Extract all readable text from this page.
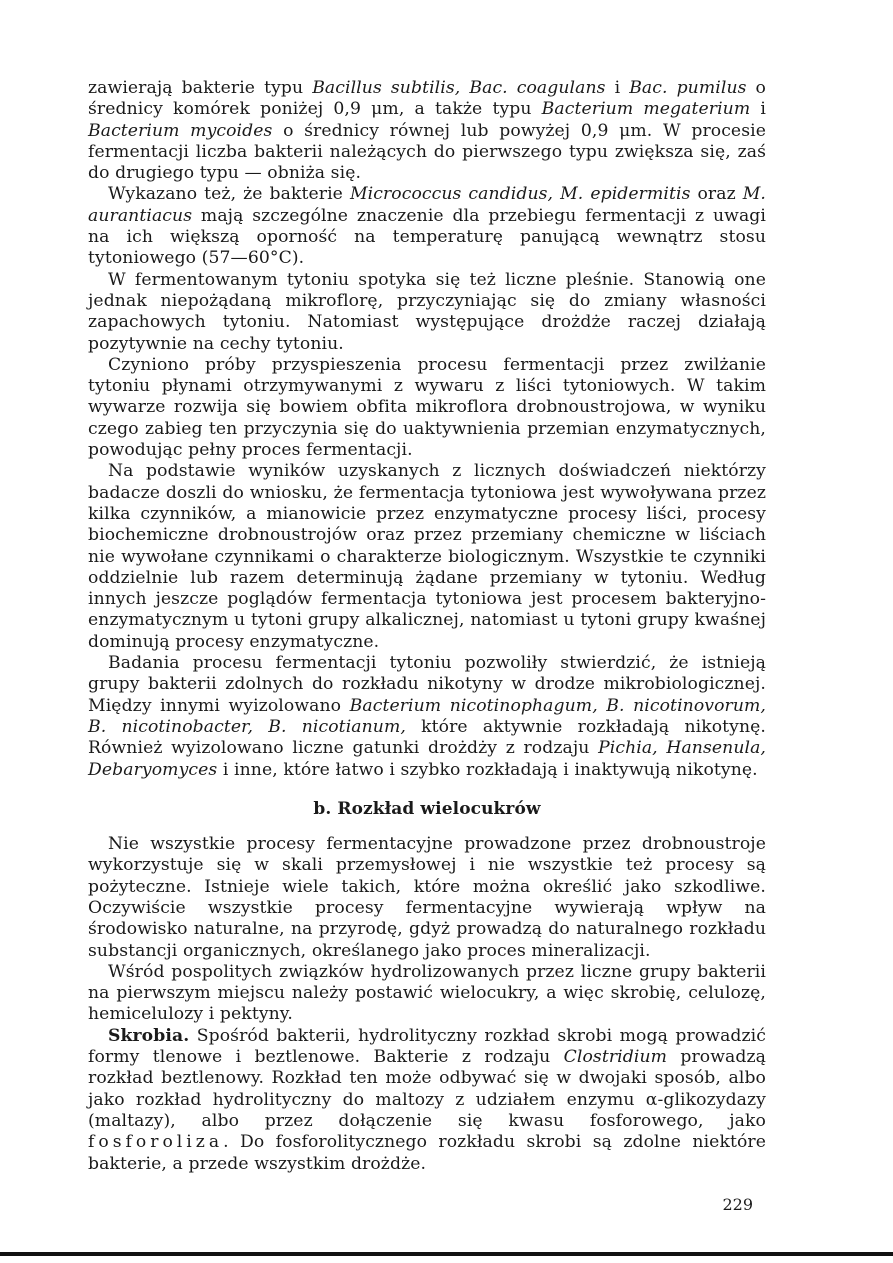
zawierają bakterie typu Bacillus subtilis, Bac. coagulans i Bac. pumilus o średnicy komórek poniżej 0,9 μm, a także typu Bacterium megaterium i Bacterium mycoides o średnicy równej lub powyżej 0,9 μm. W procesie fermentacji liczba bakterii należących do pierwszego typu zwiększa się, zaś do drugiego typu — obniża się.

Wykazano też, że bakterie Micrococcus candidus, M. epidermitis oraz M. aurantiacus mają szczególne znaczenie dla przebiegu fermentacji z uwagi na ich większą oporność na temperaturę panującą wewnątrz stosu tytoniowego (57—60°C).

W fermentowanym tytoniu spotyka się też liczne pleśnie. Stanowią one jednak niepożądaną mikroflorę, przyczyniając się do zmiany własności zapachowych tytoniu. Natomiast występujące drożdże raczej działają pozytywnie na cechy tytoniu.

Czyniono próby przyspieszenia procesu fermentacji przez zwilżanie tytoniu płynami otrzymywanymi z wywaru z liści tytoniowych. W takim wywarze rozwija się bowiem obfita mikroflora drobnoustrojowa, w wyniku czego zabieg ten przyczynia się do uaktywnienia przemian enzymatycznych, powodując pełny proces fermentacji.

Na podstawie wyników uzyskanych z licznych doświadczeń niektórzy badacze doszli do wniosku, że fermentacja tytoniowa jest wywoływana przez kilka czynników, a mianowicie przez enzymatyczne procesy liści, procesy biochemiczne drobnoustrojów oraz przez przemiany chemiczne w liściach nie wywołane czynnikami o charakterze biologicznym. Wszystkie te czynniki oddzielnie lub razem determinują żądane przemiany w tytoniu. Według innych jeszcze poglądów fermentacja tytoniowa jest procesem bakteryjno-enzymatycznym u tytoni grupy alkalicznej, natomiast u tytoni grupy kwaśnej dominują procesy enzymatyczne.

Badania procesu fermentacji tytoniu pozwoliły stwierdzić, że istnieją grupy bakterii zdolnych do rozkładu nikotyny w drodze mikrobiologicznej. Między innymi wyizolowano Bacterium nicotinophagum, B. nicotinovorum, B. nicotinobacter, B. nicotianum, które aktywnie rozkładają nikotynę. Również wyizolowano liczne gatunki drożdży z rodzaju Pichia, Hansenula, Debaryomyces i inne, które łatwo i szybko rozkładają i inaktywują nikotynę.

b. Rozkład wielocukrów

Nie wszystkie procesy fermentacyjne prowadzone przez drobnoustroje wykorzystuje się w skali przemysłowej i nie wszystkie też procesy są pożyteczne. Istnieje wiele takich, które można określić jako szkodliwe. Oczywiście wszystkie procesy fermentacyjne wywierają wpływ na środowisko naturalne, na przyrodę, gdyż prowadzą do naturalnego rozkładu substancji organicznych, określanego jako proces mineralizacji.

Wśród pospolitych związków hydrolizowanych przez liczne grupy bakterii na pierwszym miejscu należy postawić wielocukry, a więc skrobię, celulozę, hemicelulozy i pektyny.

Skrobia. Spośród bakterii, hydrolityczny rozkład skrobi mogą prowadzić formy tlenowe i beztlenowe. Bakterie z rodzaju Clostridium prowadzą rozkład beztlenowy. Rozkład ten może odbywać się w dwojaki sposób, albo jako rozkład hydrolityczny do maltozy z udziałem enzymu α-glikozydazy (maltazy), albo przez dołączenie się kwasu fosforowego, jako fosforoliza. Do fosforolitycznego rozkładu skrobi są zdolne niektóre bakterie, a przede wszystkim drożdże.

229
